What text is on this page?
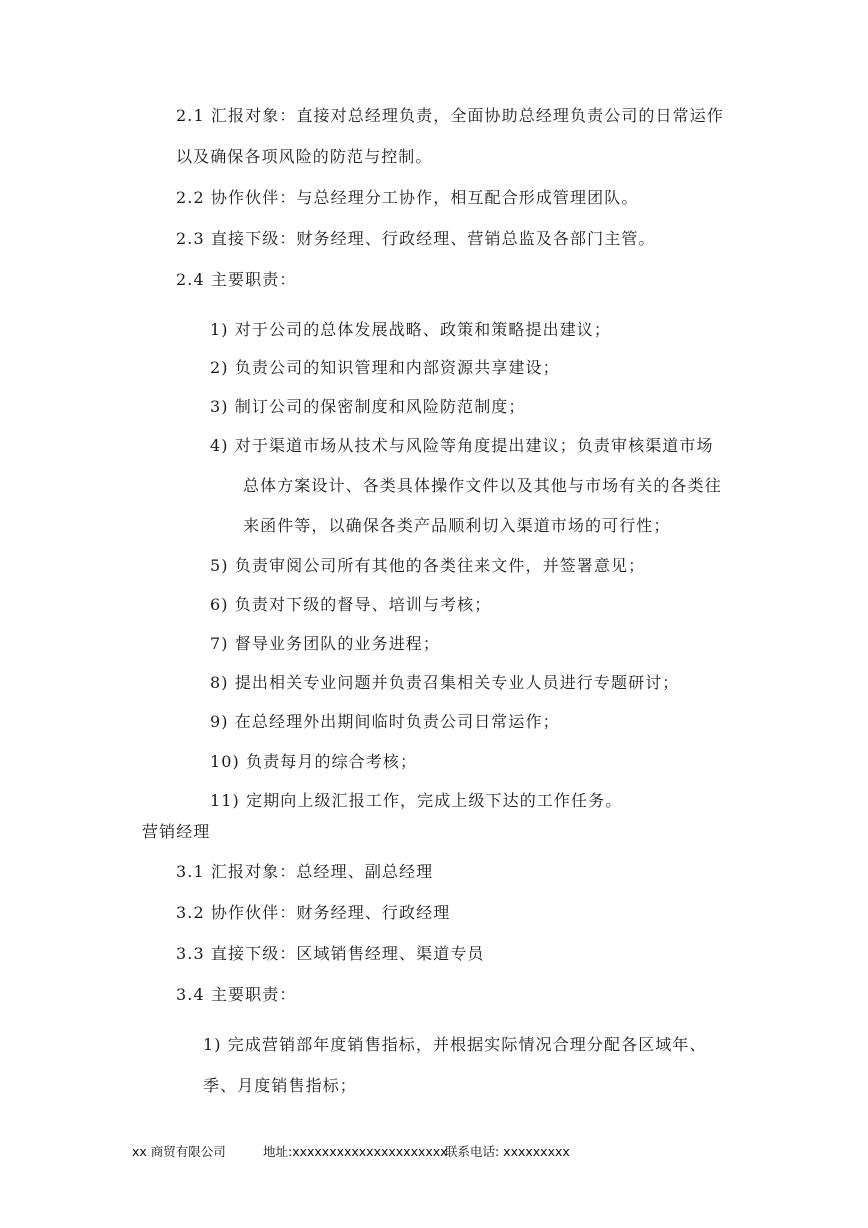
2.1 汇报对象：直接对总经理负责，全面协助总经理负责公司的日常运作
以及确保各项风险的防范与控制。
2.2 协作伙伴：与总经理分工协作，相互配合形成管理团队。
2.3 直接下级：财务经理、行政经理、营销总监及各部门主管。
2.4 主要职责：
1) 对于公司的总体发展战略、政策和策略提出建议；
2) 负责公司的知识管理和内部资源共享建设；
3) 制订公司的保密制度和风险防范制度；
4) 对于渠道市场从技术与风险等角度提出建议；负责审核渠道市场
总体方案设计、各类具体操作文件以及其他与市场有关的各类往
来函件等，以确保各类产品顺利切入渠道市场的可行性；
5) 负责审阅公司所有其他的各类往来文件，并签署意见；
6) 负责对下级的督导、培训与考核；
7) 督导业务团队的业务进程；
8) 提出相关专业问题并负责召集相关专业人员进行专题研讨；
9) 在总经理外出期间临时负责公司日常运作；
10) 负责每月的综合考核；
11) 定期向上级汇报工作，完成上级下达的工作任务。
营销经理
3.1 汇报对象：总经理、副总经理
3.2 协作伙伴：财务经理、行政经理
3.3 直接下级：区域销售经理、渠道专员
3.4 主要职责：
1) 完成营销部年度销售指标，并根据实际情况合理分配各区域年、
季、月度销售指标；
xx 商贸有限公司	地址:xxxxxxxxxxxxxxxxxxxxx
联系电话: xxxxxxxxx
